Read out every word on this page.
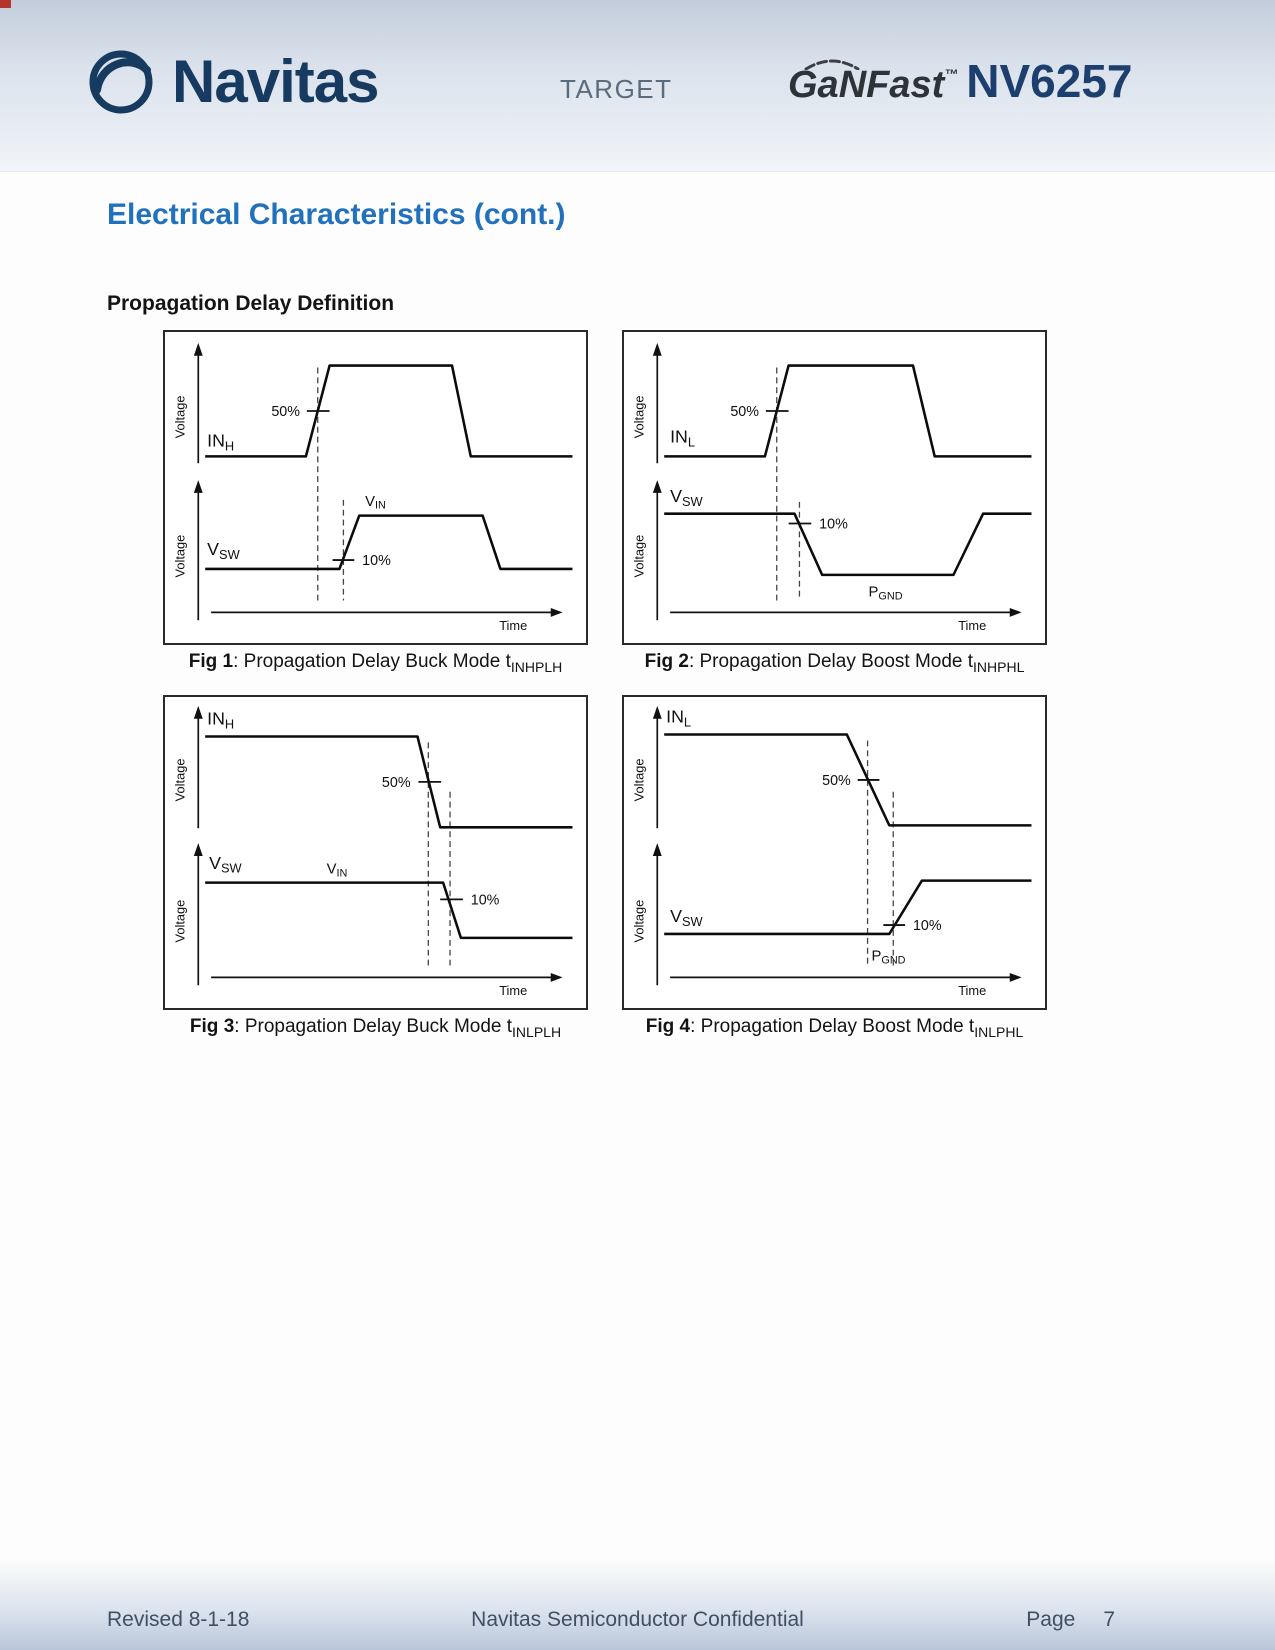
Navitas	TARGET	GaNFast™ NV6257
Electrical Characteristics (cont.)
Propagation Delay Definition
Voltage
Voltage
Time
50%
10%
$IN_H$
$V_{SW}$
$V_{IN}$
Fig 1: Propagation Delay Buck Mode $t_{INHPLH}$
Voltage
Voltage
Time
50%
10%
$IN_L$
$V_{SW}$
$P_{GND}$
Fig 2: Propagation Delay Boost Mode $t_{INHPHL}$
Voltage
Voltage
Time
50%
10%
$IN_H$
$V_{SW}$	$V_{IN}$
Fig 3: Propagation Delay Buck Mode $t_{INLPLH}$
Voltage
Voltage
Time
50%
10%
$IN_L$
$V_{SW}$
$P_{GND}$
Fig 4: Propagation Delay Boost Mode $t_{INLPHL}$
Revised 8-1-18	Navitas Semiconductor Confidential	Page 7
